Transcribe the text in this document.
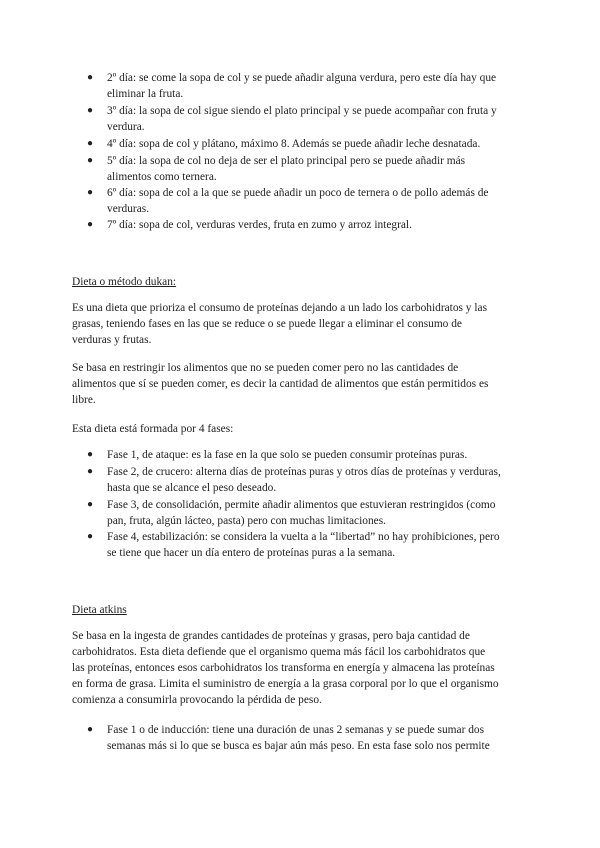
● 2º día: se come la sopa de col y se puede añadir alguna verdura, pero este día hay que
eliminar la fruta.
● 3º día: la sopa de col sigue siendo el plato principal y se puede acompañar con fruta y
verdura.
● 4º día: sopa de col y plátano, máximo 8. Además se puede añadir leche desnatada.
● 5º día: la sopa de col no deja de ser el plato principal pero se puede añadir más
alimentos como ternera.
● 6º día: sopa de col a la que se puede añadir un poco de ternera o de pollo además de
verduras.
● 7º día: sopa de col, verduras verdes, fruta en zumo y arroz integral.
Dieta o método dukan:
Es una dieta que prioriza el consumo de proteínas dejando a un lado los carbohidratos y las
grasas, teniendo fases en las que se reduce o se puede llegar a eliminar el consumo de
verduras y frutas.
Se basa en restringir los alimentos que no se pueden comer pero no las cantidades de
alimentos que sí se pueden comer, es decir la cantidad de alimentos que están permitidos es
libre.
Esta dieta está formada por 4 fases:
● Fase 1, de ataque: es la fase en la que solo se pueden consumir proteínas puras.
● Fase 2, de crucero: alterna días de proteínas puras y otros días de proteínas y verduras,
hasta que se alcance el peso deseado.
● Fase 3, de consolidación, permite añadir alimentos que estuvieran restringidos (como
pan, fruta, algún lácteo, pasta) pero con muchas limitaciones.
● Fase 4, estabilización: se considera la vuelta a la “libertad” no hay prohibiciones, pero
se tiene que hacer un día entero de proteínas puras a la semana.
Dieta atkins
Se basa en la ingesta de grandes cantidades de proteínas y grasas, pero baja cantidad de
carbohidratos. Esta dieta defiende que el organismo quema más fácil los carbohidratos que
las proteínas, entonces esos carbohidratos los transforma en energía y almacena las proteínas
en forma de grasa. Limita el suministro de energía a la grasa corporal por lo que el organismo
comienza a consumirla provocando la pérdida de peso.
● Fase 1 o de inducción: tiene una duración de unas 2 semanas y se puede sumar dos
semanas más si lo que se busca es bajar aún más peso. En esta fase solo nos permite
